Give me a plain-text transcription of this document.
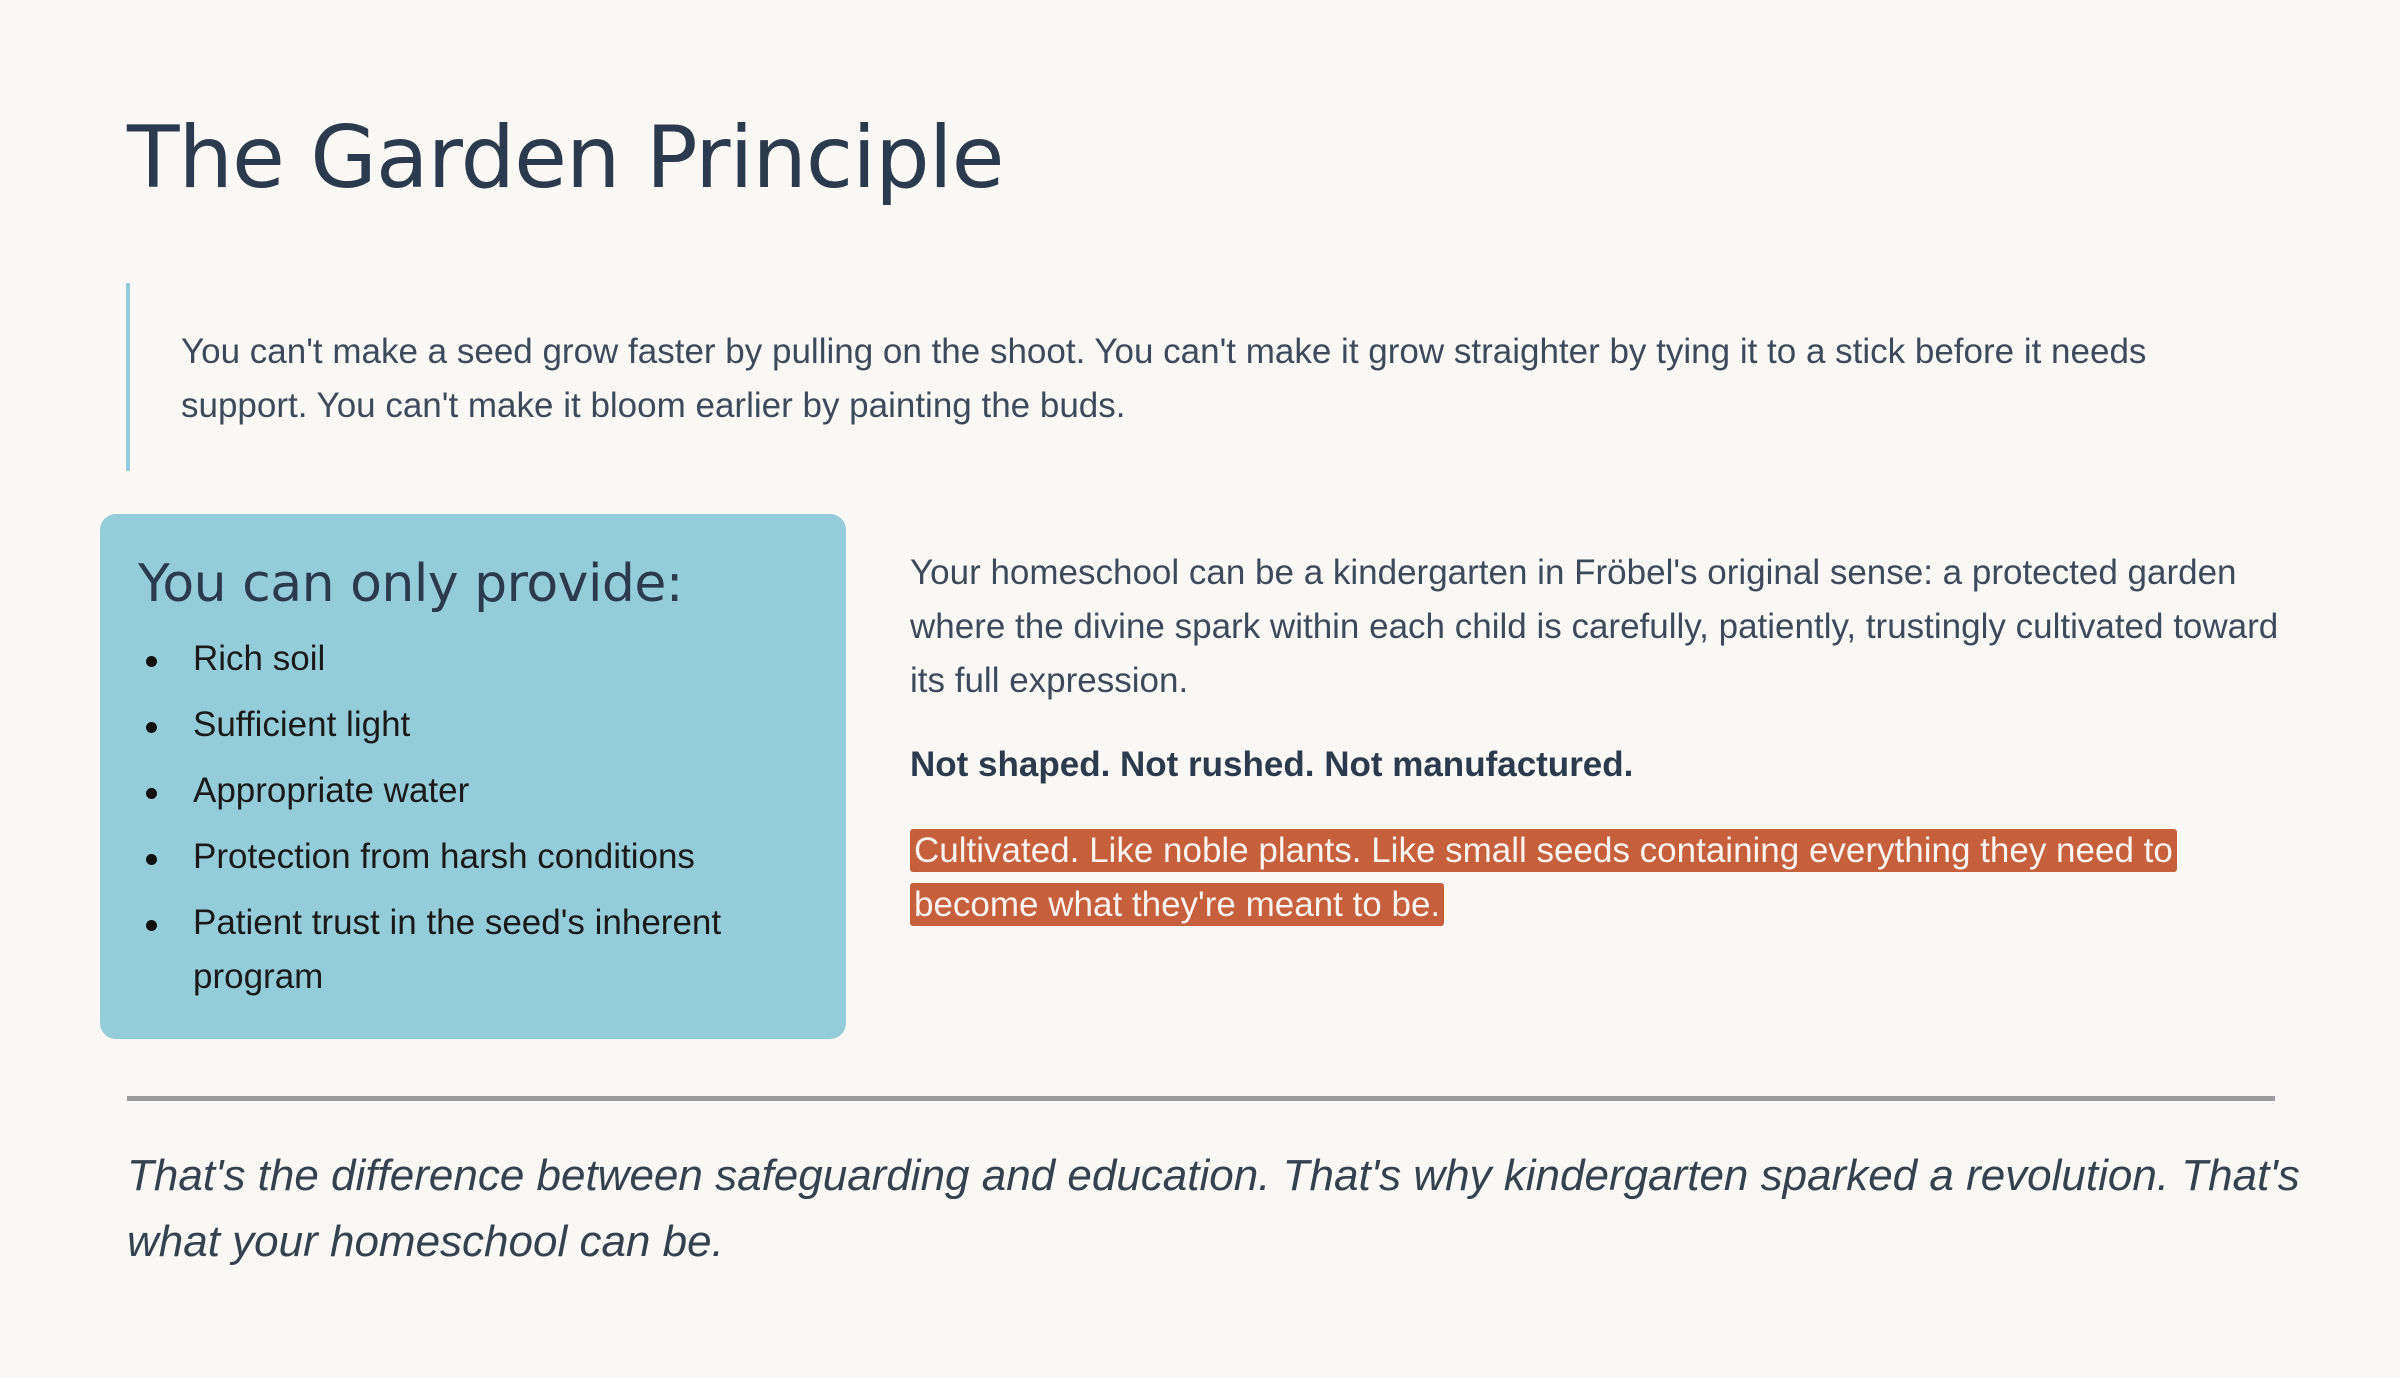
The Garden Principle

You can't make a seed grow faster by pulling on the shoot. You can't make it grow straighter by tying it to a stick before it needs support. You can't make it bloom earlier by painting the buds.

You can only provide:
Rich soil
Sufficient light
Appropriate water
Protection from harsh conditions
Patient trust in the seed's inherent program

Your homeschool can be a kindergarten in Fröbel's original sense: a protected garden where the divine spark within each child is carefully, patiently, trustingly cultivated toward its full expression.

Not shaped. Not rushed. Not manufactured.

Cultivated. Like noble plants. Like small seeds containing everything they need to become what they're meant to be.

That's the difference between safeguarding and education. That's why kindergarten sparked a revolution. That's what your homeschool can be.
